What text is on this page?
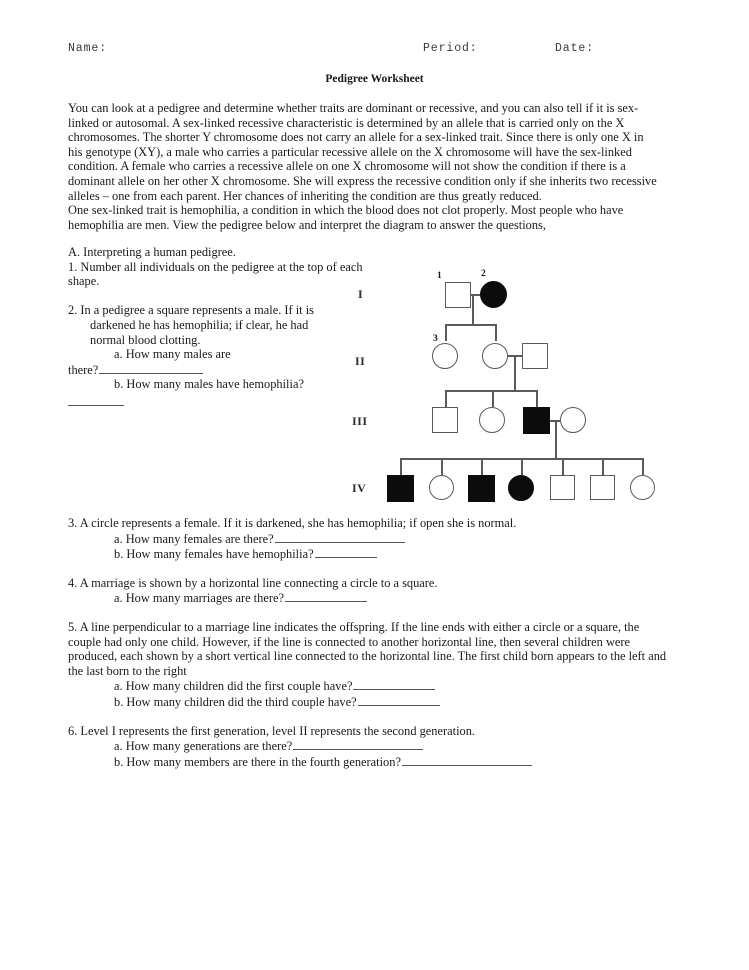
Name:	Period:	Date:
Pedigree Worksheet

You can look at a pedigree and determine whether traits are dominant or recessive, and you can also tell if it is sex-linked or autosomal. A sex-linked recessive characteristic is determined by an allele that is carried only on the X chromosomes. The shorter Y chromosome does not carry an allele for a sex-linked trait. Since there is only one X in his genotype (XY), a male who carries a particular recessive allele on the X chromosome will have the sex-linked condition. A female who carries a recessive allele on one X chromosome will not show the condition if there is a dominant allele on her other X chromosome. She will express the recessive condition only if she inherits two recessive alleles – one from each parent. Her chances of inheriting the condition are thus greatly reduced.

One sex-linked trait is hemophilia, a condition in which the blood does not clot properly. Most people who have hemophilia are men. View the pedigree below and interpret the diagram to answer the questions,

A. Interpreting a human pedigree.

1. Number all individuals on the pedigree at the top of each shape.

2. In a pedigree a square represents a male. If it is

darkened he has hemophilia; if clear, he had

normal blood clotting.

a. How many males are

there?

b. How many males have hemophilia?

I
II
III
IV
1	2
3

3. A circle represents a female. If it is darkened, she has hemophilia; if open she is normal.

a. How many females are there?

b. How many females have hemophilia?

4. A marriage is shown by a horizontal line connecting a circle to a square.

a. How many marriages are there?

5. A line perpendicular to a marriage line indicates the offspring. If the line ends with either a circle or a square, the couple had only one child. However, if the line is connected to another horizontal line, then several children were produced, each shown by a short vertical line connected to the horizontal line. The first child born appears to the left and the last born to the right

a. How many children did the first couple have?

b. How many children did the third couple have?

6. Level I represents the first generation, level II represents the second generation.

a. How many generations are there?

b. How many members are there in the fourth generation?
